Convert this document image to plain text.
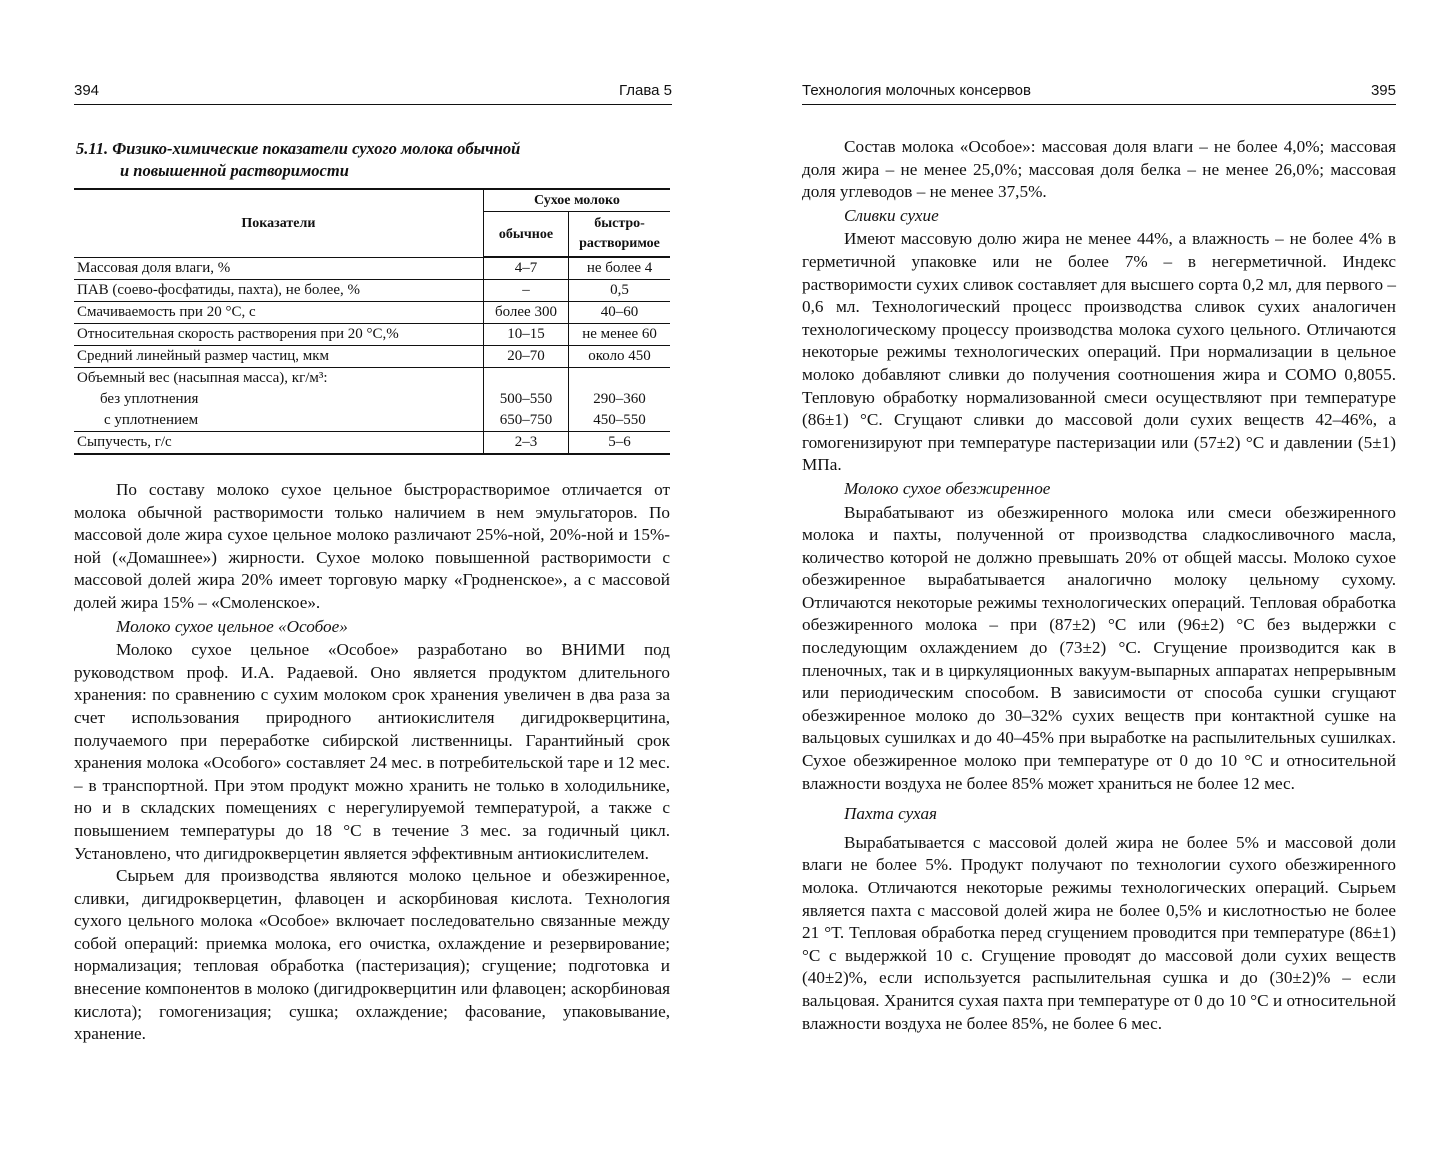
394	Глава 5
5.11. Физико-химические показатели сухого молока обычной
и повышенной растворимости
Показатели	Сухое молоко	
	обычное	быстро- растворимое
Массовая доля влаги, %	4–7	не более 4
ПАВ (соево-фосфатиды, пахта), не более, %	–	0,5
Смачиваемость при 20 °С, с	более 300	40–60
Относительная скорость растворения при 20 °С,%	10–15	не менее 60
Средний линейный размер частиц, мкм	20–70	около 450
Объемный вес (насыпная масса), кг/м³:		
без уплотнения	500–550	290–360
с уплотнением	650–750	450–550
Сыпучесть, г/с	2–3	5–6

По составу молоко сухое цельное быстрорастворимое отличается от молока обычной растворимости только наличием в нем эмульгаторов. По массовой доле жира сухое цельное молоко различают 25%-ной, 20%-ной и 15%-ной («Домашнее») жирности. Сухое молоко повышенной растворимости с массовой долей жира 20% имеет торговую марку «Гродненское», а с массовой долей жира 15% – «Смоленское».

Молоко сухое цельное «Особое»

Молоко сухое цельное «Особое» разработано во ВНИМИ под руководством проф. И.А. Радаевой. Оно является продуктом длительного хранения: по сравнению с сухим молоком срок хранения увеличен в два раза за счет использования природного антиокислителя дигидрокверцитина, получаемого при переработке сибирской лиственницы. Гарантийный срок хранения молока «Особого» составляет 24 мес. в потребительской таре и 12 мес. – в транспортной. При этом продукт можно хранить не только в холодильнике, но и в складских помещениях с нерегулируемой температурой, а также с повышением температуры до 18 °С в течение 3 мес. за годичный цикл. Установлено, что дигидрокверцетин является эффективным антиокислителем.

Сырьем для производства являются молоко цельное и обезжиренное, сливки, дигидрокверцетин, флавоцен и аскорбиновая кислота. Технология сухого цельного молока «Особое» включает последовательно связанные между собой операций: приемка молока, его очистка, охлаждение и резервирование; нормализация; тепловая обработка (пастеризация); сгущение; подготовка и внесение компонентов в молоко (дигидрокверцитин или флавоцен; аскорбиновая кислота); гомогенизация; сушка; охлаждение; фасование, упаковывание, хранение.

Технология молочных консервов	395

Состав молока «Особое»: массовая доля влаги – не более 4,0%; массовая доля жира – не менее 25,0%; массовая доля белка – не менее 26,0%; массовая доля углеводов – не менее 37,5%.

Сливки сухие

Имеют массовую долю жира не менее 44%, а влажность – не более 4% в герметичной упаковке или не более 7% – в негерметичной. Индекс растворимости сухих сливок составляет для высшего сорта 0,2 мл, для первого – 0,6 мл. Технологический процесс производства сливок сухих аналогичен технологическому процессу производства молока сухого цельного. Отличаются некоторые режимы технологических операций. При нормализации в цельное молоко добавляют сливки до получения соотношения жира и СОМО 0,8055. Тепловую обработку нормализованной смеси осуществляют при температуре (86±1) °С. Сгущают сливки до массовой доли сухих веществ 42–46%, а гомогенизируют при температуре пастеризации или (57±2) °С и давлении (5±1) МПа.

Молоко сухое обезжиренное

Вырабатывают из обезжиренного молока или смеси обезжиренного молока и пахты, полученной от производства сладкосливочного масла, количество которой не должно превышать 20% от общей массы. Молоко сухое обезжиренное вырабатывается аналогично молоку цельному сухому. Отличаются некоторые режимы технологических операций. Тепловая обработка обезжиренного молока – при (87±2) °С или (96±2) °С без выдержки с последующим охлаждением до (73±2) °С. Сгущение производится как в пленочных, так и в циркуляционных вакуум-выпарных аппаратах непрерывным или периодическим способом. В зависимости от способа сушки сгущают обезжиренное молоко до 30–32% сухих веществ при контактной сушке на вальцовых сушилках и до 40–45% при выработке на распылительных сушилках. Сухое обезжиренное молоко при температуре от 0 до 10 °С и относительной влажности воздуха не более 85% может храниться не более 12 мес.

Пахта сухая

Вырабатывается с массовой долей жира не более 5% и массовой доли влаги не более 5%. Продукт получают по технологии сухого обезжиренного молока. Отличаются некоторые режимы технологических операций. Сырьем является пахта с массовой долей жира не более 0,5% и кислотностью не более 21 °Т. Тепловая обработка перед сгущением проводится при температуре (86±1) °С с выдержкой 10 с. Сгущение проводят до массовой доли сухих веществ (40±2)%, если используется распылительная сушка и до (30±2)% – если вальцовая. Хранится сухая пахта при температуре от 0 до 10 °С и относительной влажности воздуха не более 85%, не более 6 мес.
